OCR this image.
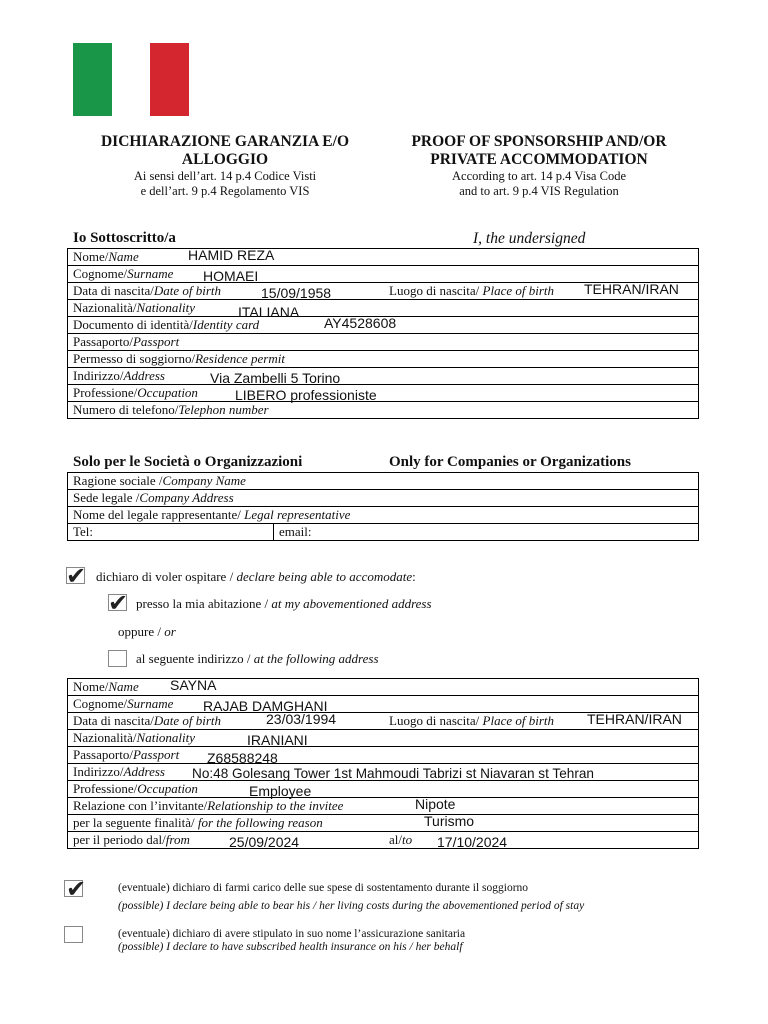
DICHIARAZIONE GARANZIA E/O
ALLOGGIO
Ai sensi dell’art. 14 p.4 Codice Visti
e dell’art. 9 p.4 Regolamento VIS
PROOF OF SPONSORSHIP AND/OR
PRIVATE ACCOMMODATION
According to art. 14 p.4 Visa Code
and to art. 9 p.4 VIS Regulation
Io Sottoscritto/a	I, the undersigned
Nome/Name	HAMID REZA

Cognome/Surname HOMAEI

Data di nascita/Date of birth	15/09/1958	Luogo di nascita/ Place of birth TEHRAN/IRAN

Nazionalità/Nationality	ITALIANA

Documento di identità/Identity card	AY4528608

Passaporto/Passport
Permesso di soggiorno/Residence permit
Indirizzo/Address	Via Zambelli 5 Torino

Professione/Occupation	LIBERO professioniste

Numero di telefono/Telephon number
Solo per le Società o Organizzazioni	Only for Companies or Organizations
Ragione sociale /Company Name
Sede legale /Company Address
Nome del legale rappresentante/ Legal representative
Tel:	email:
✔ dichiaro di voler ospitare / declare being able to accomodate:
✔ presso la mia abitazione / at my abovementioned address
oppure / or
al seguente indirizzo / at the following address
Nome/Name SAYNA

Cognome/Surname RAJAB DAMGHANI

Data di nascita/Date of birth	23/03/1994	Luogo di nascita/ Place of birth TEHRAN/IRAN

Nazionalità/Nationality	IRANIANI

Passaporto/Passport Z68588248

Indirizzo/Address No:48 Golesang Tower 1st Mahmoudi Tabrizi st Niavaran st Tehran

Professione/Occupation	Employee

Relazione con l’invitante/Relationship to the invitee	Nipote

per la seguente finalità/ for the following reason	Turismo

per il periodo dal/from	25/09/2024	al/to 17/10/2024
✔	(eventuale) dichiaro di farmi carico delle sue spese di sostentamento durante il soggiorno
(possible) I declare being able to bear his / her living costs during the abovementioned period of stay
(eventuale) dichiaro di avere stipulato in suo nome l’assicurazione sanitaria
(possible) I declare to have subscribed health insurance on his / her behalf
